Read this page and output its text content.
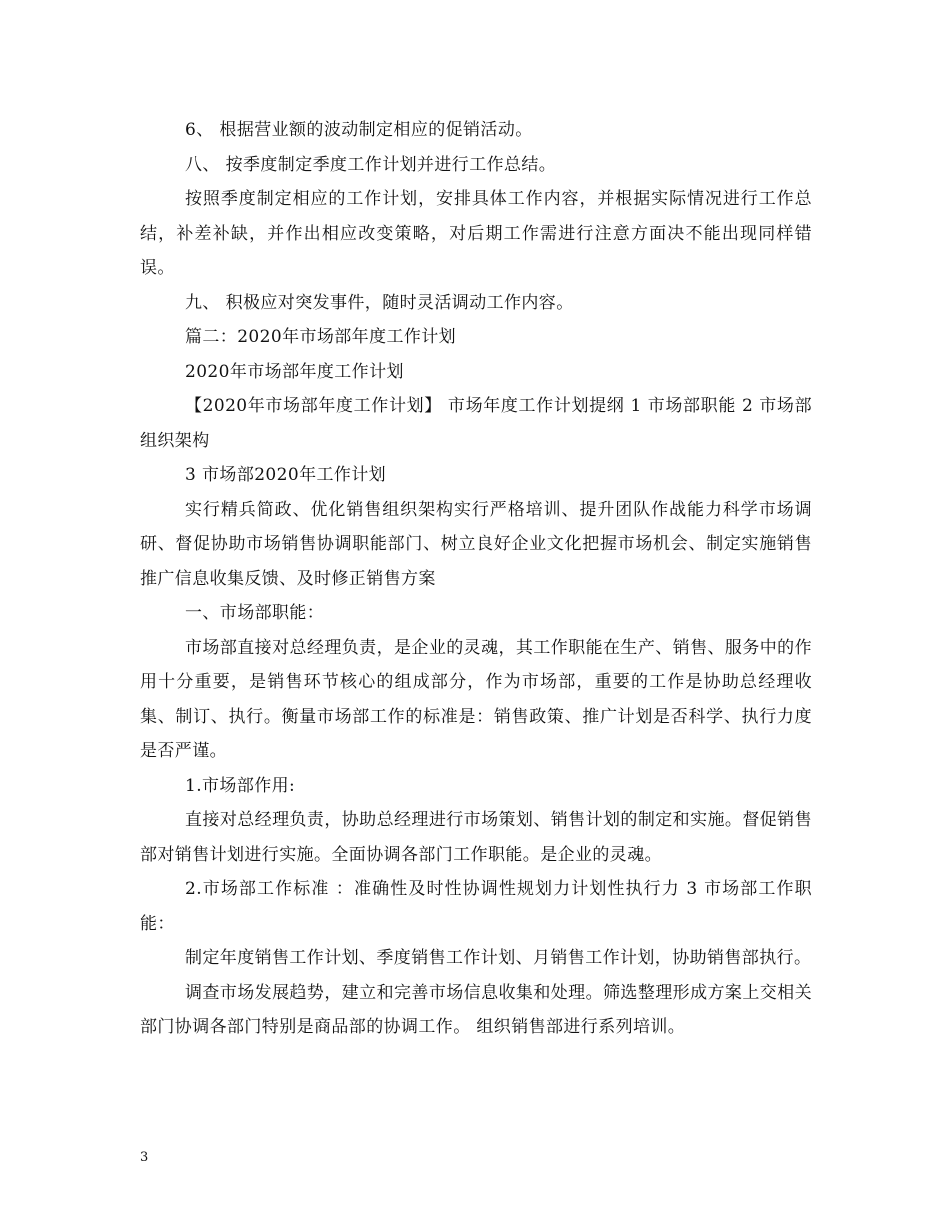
6、 根据营业额的波动制定相应的促销活动。

八、 按季度制定季度工作计划并进行工作总结。

按照季度制定相应的工作计划，安排具体工作内容，并根据实际情况进行工作总结，补差补缺，并作出相应改变策略，对后期工作需进行注意方面决不能出现同样错误。

九、 积极应对突发事件，随时灵活调动工作内容。

篇二：2020年市场部年度工作计划

2020年市场部年度工作计划

【2020年市场部年度工作计划】 市场年度工作计划提纲 1 市场部职能 2 市场部组织架构

3 市场部2020年工作计划

实行精兵简政、优化销售组织架构实行严格培训、提升团队作战能力科学市场调研、督促协助市场销售协调职能部门、树立良好企业文化把握市场机会、制定实施销售推广信息收集反馈、及时修正销售方案

一、市场部职能：

市场部直接对总经理负责，是企业的灵魂，其工作职能在生产、销售、服务中的作用十分重要，是销售环节核心的组成部分，作为市场部，重要的工作是协助总经理收集、制订、执行。衡量市场部工作的标准是：销售政策、推广计划是否科学、执行力度是否严谨。

1.市场部作用:

直接对总经理负责，协助总经理进行市场策划、销售计划的制定和实施。督促销售部对销售计划进行实施。全面协调各部门工作职能。是企业的灵魂。

2.市场部工作标准 ：准确性及时性协调性规划力计划性执行力 3 市场部工作职能：

制定年度销售工作计划、季度销售工作计划、月销售工作计划，协助销售部执行。

调查市场发展趋势，建立和完善市场信息收集和处理。筛选整理形成方案上交相关部门协调各部门特别是商品部的协调工作。 组织销售部进行系列培训。

3
